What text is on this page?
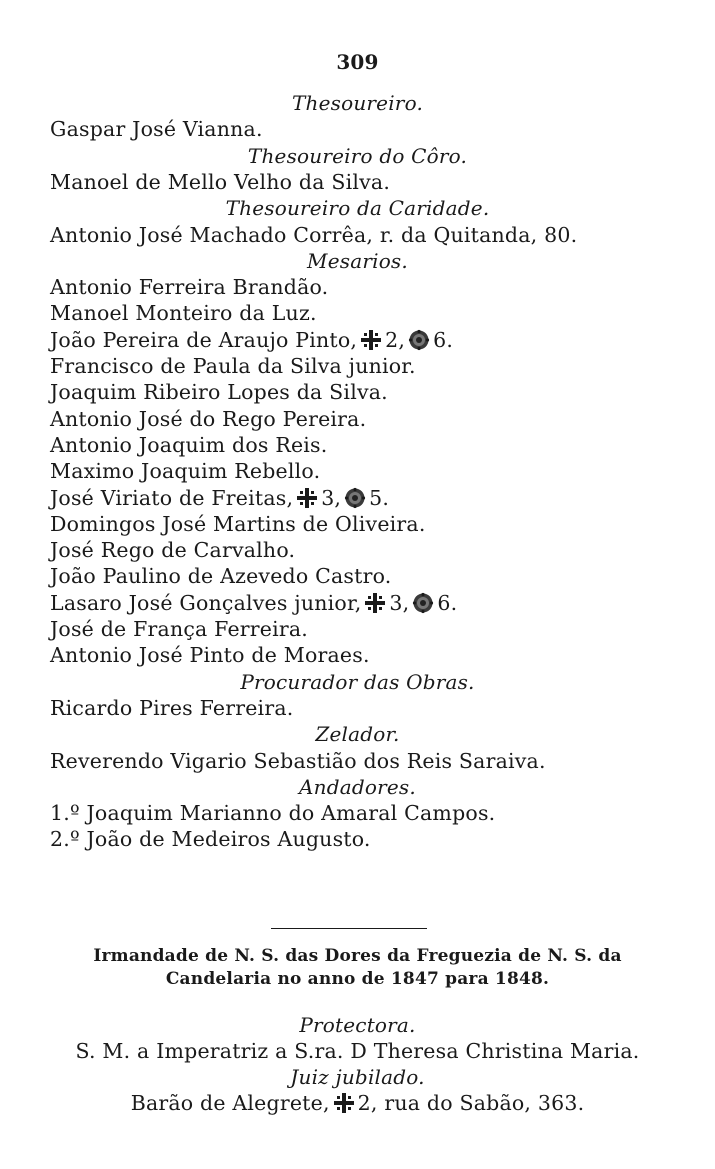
309
Thesoureiro.
Gaspar José Vianna.
Thesoureiro do Côro.
Manoel de Mello Velho da Silva.
Thesoureiro da Caridade.
Antonio José Machado Corrêa, r. da Quitanda, 80.
Mesarios.
Antonio Ferreira Brandão.
Manoel Monteiro da Luz.
João Pereira de Araujo Pinto, 2, 6.
Francisco de Paula da Silva junior.
Joaquim Ribeiro Lopes da Silva.
Antonio José do Rego Pereira.
Antonio Joaquim dos Reis.
Maximo Joaquim Rebello.
José Viriato de Freitas, 3, 5.
Domingos José Martins de Oliveira.
José Rego de Carvalho.
João Paulino de Azevedo Castro.
Lasaro José Gonçalves junior, 3, 6.
José de França Ferreira.
Antonio José Pinto de Moraes.
Procurador das Obras.
Ricardo Pires Ferreira.
Zelador.
Reverendo Vigario Sebastião dos Reis Saraiva.
Andadores.
1.º Joaquim Marianno do Amaral Campos.
2.º João de Medeiros Augusto.
Irmandade de N. S. das Dores da Freguezia de N. S. da
Candelaria no anno de 1847 para 1848.
Protectora.
S. M. a Imperatriz a S.ra. D Theresa Christina Maria.
Juiz jubilado.
Barão de Alegrete, 2, rua do Sabão, 363.
